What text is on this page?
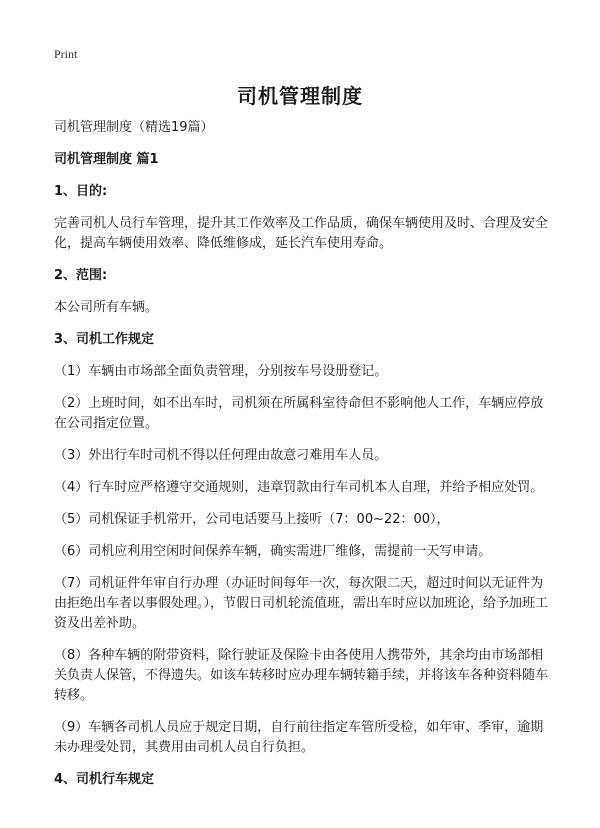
Print
司机管理制度

司机管理制度（精选19篇）

司机管理制度 篇1

1、目的:

完善司机人员行车管理，提升其工作效率及工作品质，确保车辆使用及时、合理及安全化，提高车辆使用效率、降低维修成，延长汽车使用寿命。

2、范围:

本公司所有车辆。

3、司机工作规定

（1）车辆由市场部全面负责管理，分别按车号设册登记。

（2）上班时间，如不出车时，司机须在所属科室待命但不影响他人工作，车辆应停放在公司指定位置。

（3）外出行车时司机不得以任何理由故意刁难用车人员。

（4）行车时应严格遵守交通规则，违章罚款由行车司机本人自理，并给予相应处罚。

（5）司机保证手机常开，公司电话要马上接听（7：00~22：00），

（6）司机应利用空闲时间保养车辆，确实需进厂维修，需提前一天写申请。

（7）司机证件年审自行办理（办证时间每年一次，每次限二天，超过时间以无证件为由拒绝出车者以事假处理。），节假日司机轮流值班，需出车时应以加班论，给予加班工资及出差补助。

（8）各种车辆的附带资料，除行驶证及保险卡由各使用人携带外，其余均由市场部相关负责人保管，不得遗失。如该车转移时应办理车辆转籍手续，并将该车各种资料随车转移。

（9）车辆各司机人员应于规定日期，自行前往指定车管所受检，如年审、季审，逾期未办理受处罚，其费用由司机人员自行负担。

4、司机行车规定
